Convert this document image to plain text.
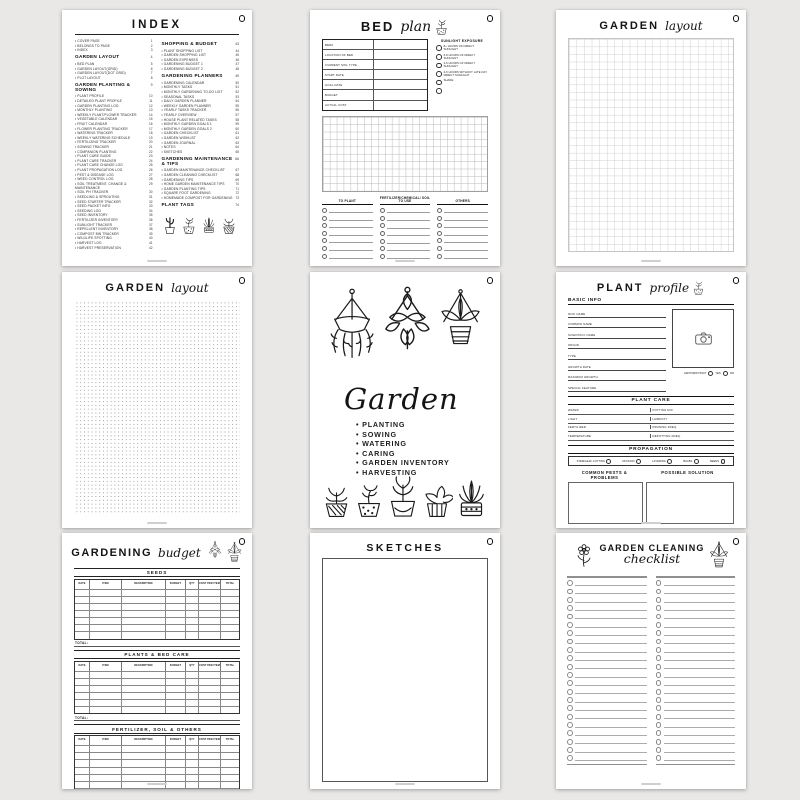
INDEX
• COVER PAGE	1
• BELONGS TO PAGE	2
• INDEX	3
GARDEN LAYOUT	4
• BED PLAN	5
• GARDEN LAYOUT(GRID)	6
• GARDEN LAYOUT(DOT GRID)	7
• PLOT LAYOUT	8
GARDEN PLANTING & SOWING
9
• PLANT PROFILE	10
• DETAILED PLANT PROFILE	11
• GARDEN PLANTING LOG	12
• MONTHLY PLANTING	13
• WEEKLY PLANT/FLOWER TRACKER	14
• VEGETABLE CALENDAR	15
• FRUIT CALENDAR	16
• FLOWER PLANTING TRACKER	17
• WATERING TRACKER	18
• WEEKLY WATERING SCHEDULE	19
• FERTILIZING TRACKER	20
• SOWING TRACKER	21
• COMPANION PLANTING	22
• PLANT CARE GUIDE	23
• PLANT CARE TRACKER	24
• PLANT CARE CHANGE LOG	25
• PLANT PROPAGATION LOG	26
• PEST & DISEASE LOG	27
• WEED CONTROL LOG	28
• SOIL TREATMENT, CHANGE & MAINTENANCE
29
• SOIL PH TRACKER	30
• SEEDLING & SPROUTING	31
• SEED STARTER TRACKER	32
• SEED PACKET INFO	33
• SEEDING LOG	34
• SEED INVENTORY	35
• FERTILIZER INVENTORY	36
• SUNLIGHT TRACKER	37
• REPELLENT INVENTORY	38
• COMPOST BIN TRACKER	39
• WILDLIFE SPOTTING	40
• HARVEST LOG	41
• HARVEST PRESERVATION	42
SHOPPING & BUDGET	43
• PLANT SHOPPING LIST	44
• GARDEN SHOPPING LIST	45
• GARDEN EXPENSES	46
• GARDENING BUDGET 1	47
• GARDENING BUDGET 2	48
GARDENING PLANNERS	49
• GARDENING CALENDAR	50
• MONTHLY TASKS	51
• MONTHLY GARDENING TO-DO LIST	52
• SEASONAL TASKS	53
• DAILY GARDEN PLANNER	54
• WEEKLY GARDEN PLANNER	55
• YEARLY TASKS TRACKER	56
• YEARLY OVERVIEW	57
• HOUSE PLANT RELATED TASKS	58
• MONTHLY GARDEN GOALS 1	59
• MONTHLY GARDEN GOALS 2	60
• GARDEN CHECKLIST	61
• GARDEN WISHLIST	62
• GARDEN JOURNAL	63
• NOTES	64
• SKETCHES	65
GARDENING MAINTENANCE & TIPS
66
• GARDEN MAINTENANCE CHECKLIST	67
• GARDEN CLEANING CHECKLIST	68
• GARDENING TIPS	69
• HOME GARDEN MAINTENANCE TIPS	70
• GARDEN PLANTING TIPS	71
• SQUARE FOOT GARDENING	72
• HOMEMADE COMPOST FOR GARDENING 73
PLANT TAGS	74
BED plan
BED#
LOCATION OF BED
CURRENT SOIL TYPE
START DATE
GOAL DATE
BUDGET
ACTUAL COST
SUNLIGHT EXPOSURE
8+ HOURS OF DIRECT SUNLIGHT
6-8 HOURS OF DIRECT SUNLIGHT
4-6 HOURS OF DIRECT SUNLIGHT
4-6 HOURS WITHOUT LATE DAY DIRECT SUNLIGHT
SHADE
TO PLANT
FERTILIZER/CHEMICAL/ SOIL TO USE	OTHERS
GARDEN layout
GARDEN layout
Garden
• PLANTING
• SOWING
• WATERING
• CARING
• GARDEN INVENTORY
• HARVESTING
PLANT profile
BASIC INFO
NICK NAME
COMMON NAME
SCIENTIFIC NAME
ORIGIN
TYPE
GROWTH RATE
MAXIMUM GROWTH
SPECIAL FEATURE
AIR PURIFYING?	YES	NO
PLANT CARE
WATER	POTTING MIX
LIGHT	HUMIDITY
FERTILIZER	PRUNING FREQ.
TEMPERATURE	REPOTTING FREQ.
PROPAGATION
STEM/LEAF CUTTING	DIVISION	LAYERING	BULBS	SEEDS
COMMON PESTS & PROBLEMS
POSSIBLE SOLUTION
GARDENING budget
SEEDS
DATE	ITEM	DESCRIPTION	BUDGET	QTY	COST PER ITEM	TOTAL
TOTAL:
PLANTS & BED CARE
DATE	ITEM	DESCRIPTION	BUDGET	QTY	COST PER ITEM	TOTAL
TOTAL:
FERTILIZER, SOIL & OTHERS
DATE	ITEM	DESCRIPTION	BUDGET	QTY	COST PER ITEM	TOTAL
SKETCHES	GARDEN CLEANING
checklist
